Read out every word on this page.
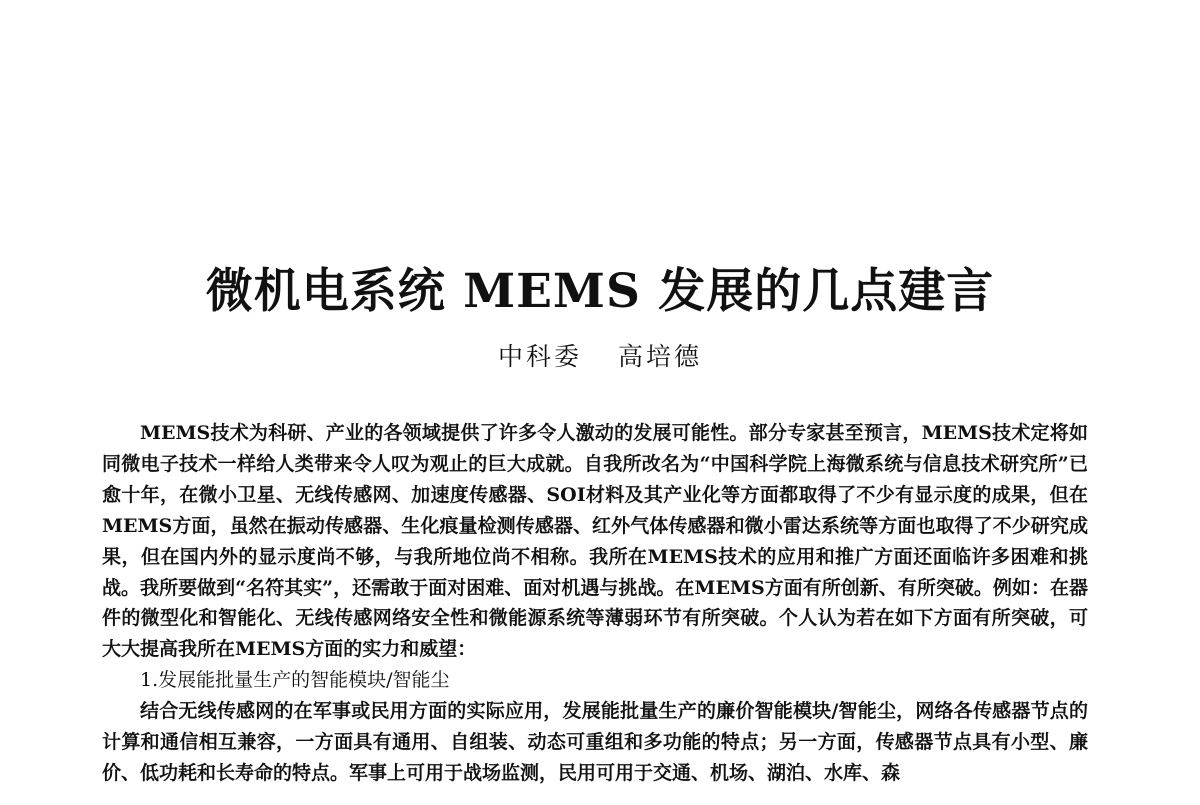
微机电系统 MEMS 发展的几点建言
中科委 高培德

MEMS技术为科研、产业的各领域提供了许多令人激动的发展可能性。部分专家甚至预言，MEMS技术定将如同微电子技术一样给人类带来令人叹为观止的巨大成就。自我所改名为“中国科学院上海微系统与信息技术研究所”已愈十年，在微小卫星、无线传感网、加速度传感器、SOI材料及其产业化等方面都取得了不少有显示度的成果，但在MEMS方面，虽然在振动传感器、生化痕量检测传感器、红外气体传感器和微小雷达系统等方面也取得了不少研究成果，但在国内外的显示度尚不够，与我所地位尚不相称。我所在MEMS技术的应用和推广方面还面临许多困难和挑战。我所要做到“名符其实”，还需敢于面对困难、面对机遇与挑战。在MEMS方面有所创新、有所突破。例如：在器件的微型化和智能化、无线传感网络安全性和微能源系统等薄弱环节有所突破。个人认为若在如下方面有所突破，可大大提高我所在MEMS方面的实力和威望：

1.发展能批量生产的智能模块/智能尘

结合无线传感网的在军事或民用方面的实际应用，发展能批量生产的廉价智能模块/智能尘，网络各传感器节点的计算和通信相互兼容，一方面具有通用、自组装、动态可重组和多功能的特点；另一方面，传感器节点具有小型、廉价、低功耗和长寿命的特点。军事上可用于战场监测，民用可用于交通、机场、湖泊、水库、森
